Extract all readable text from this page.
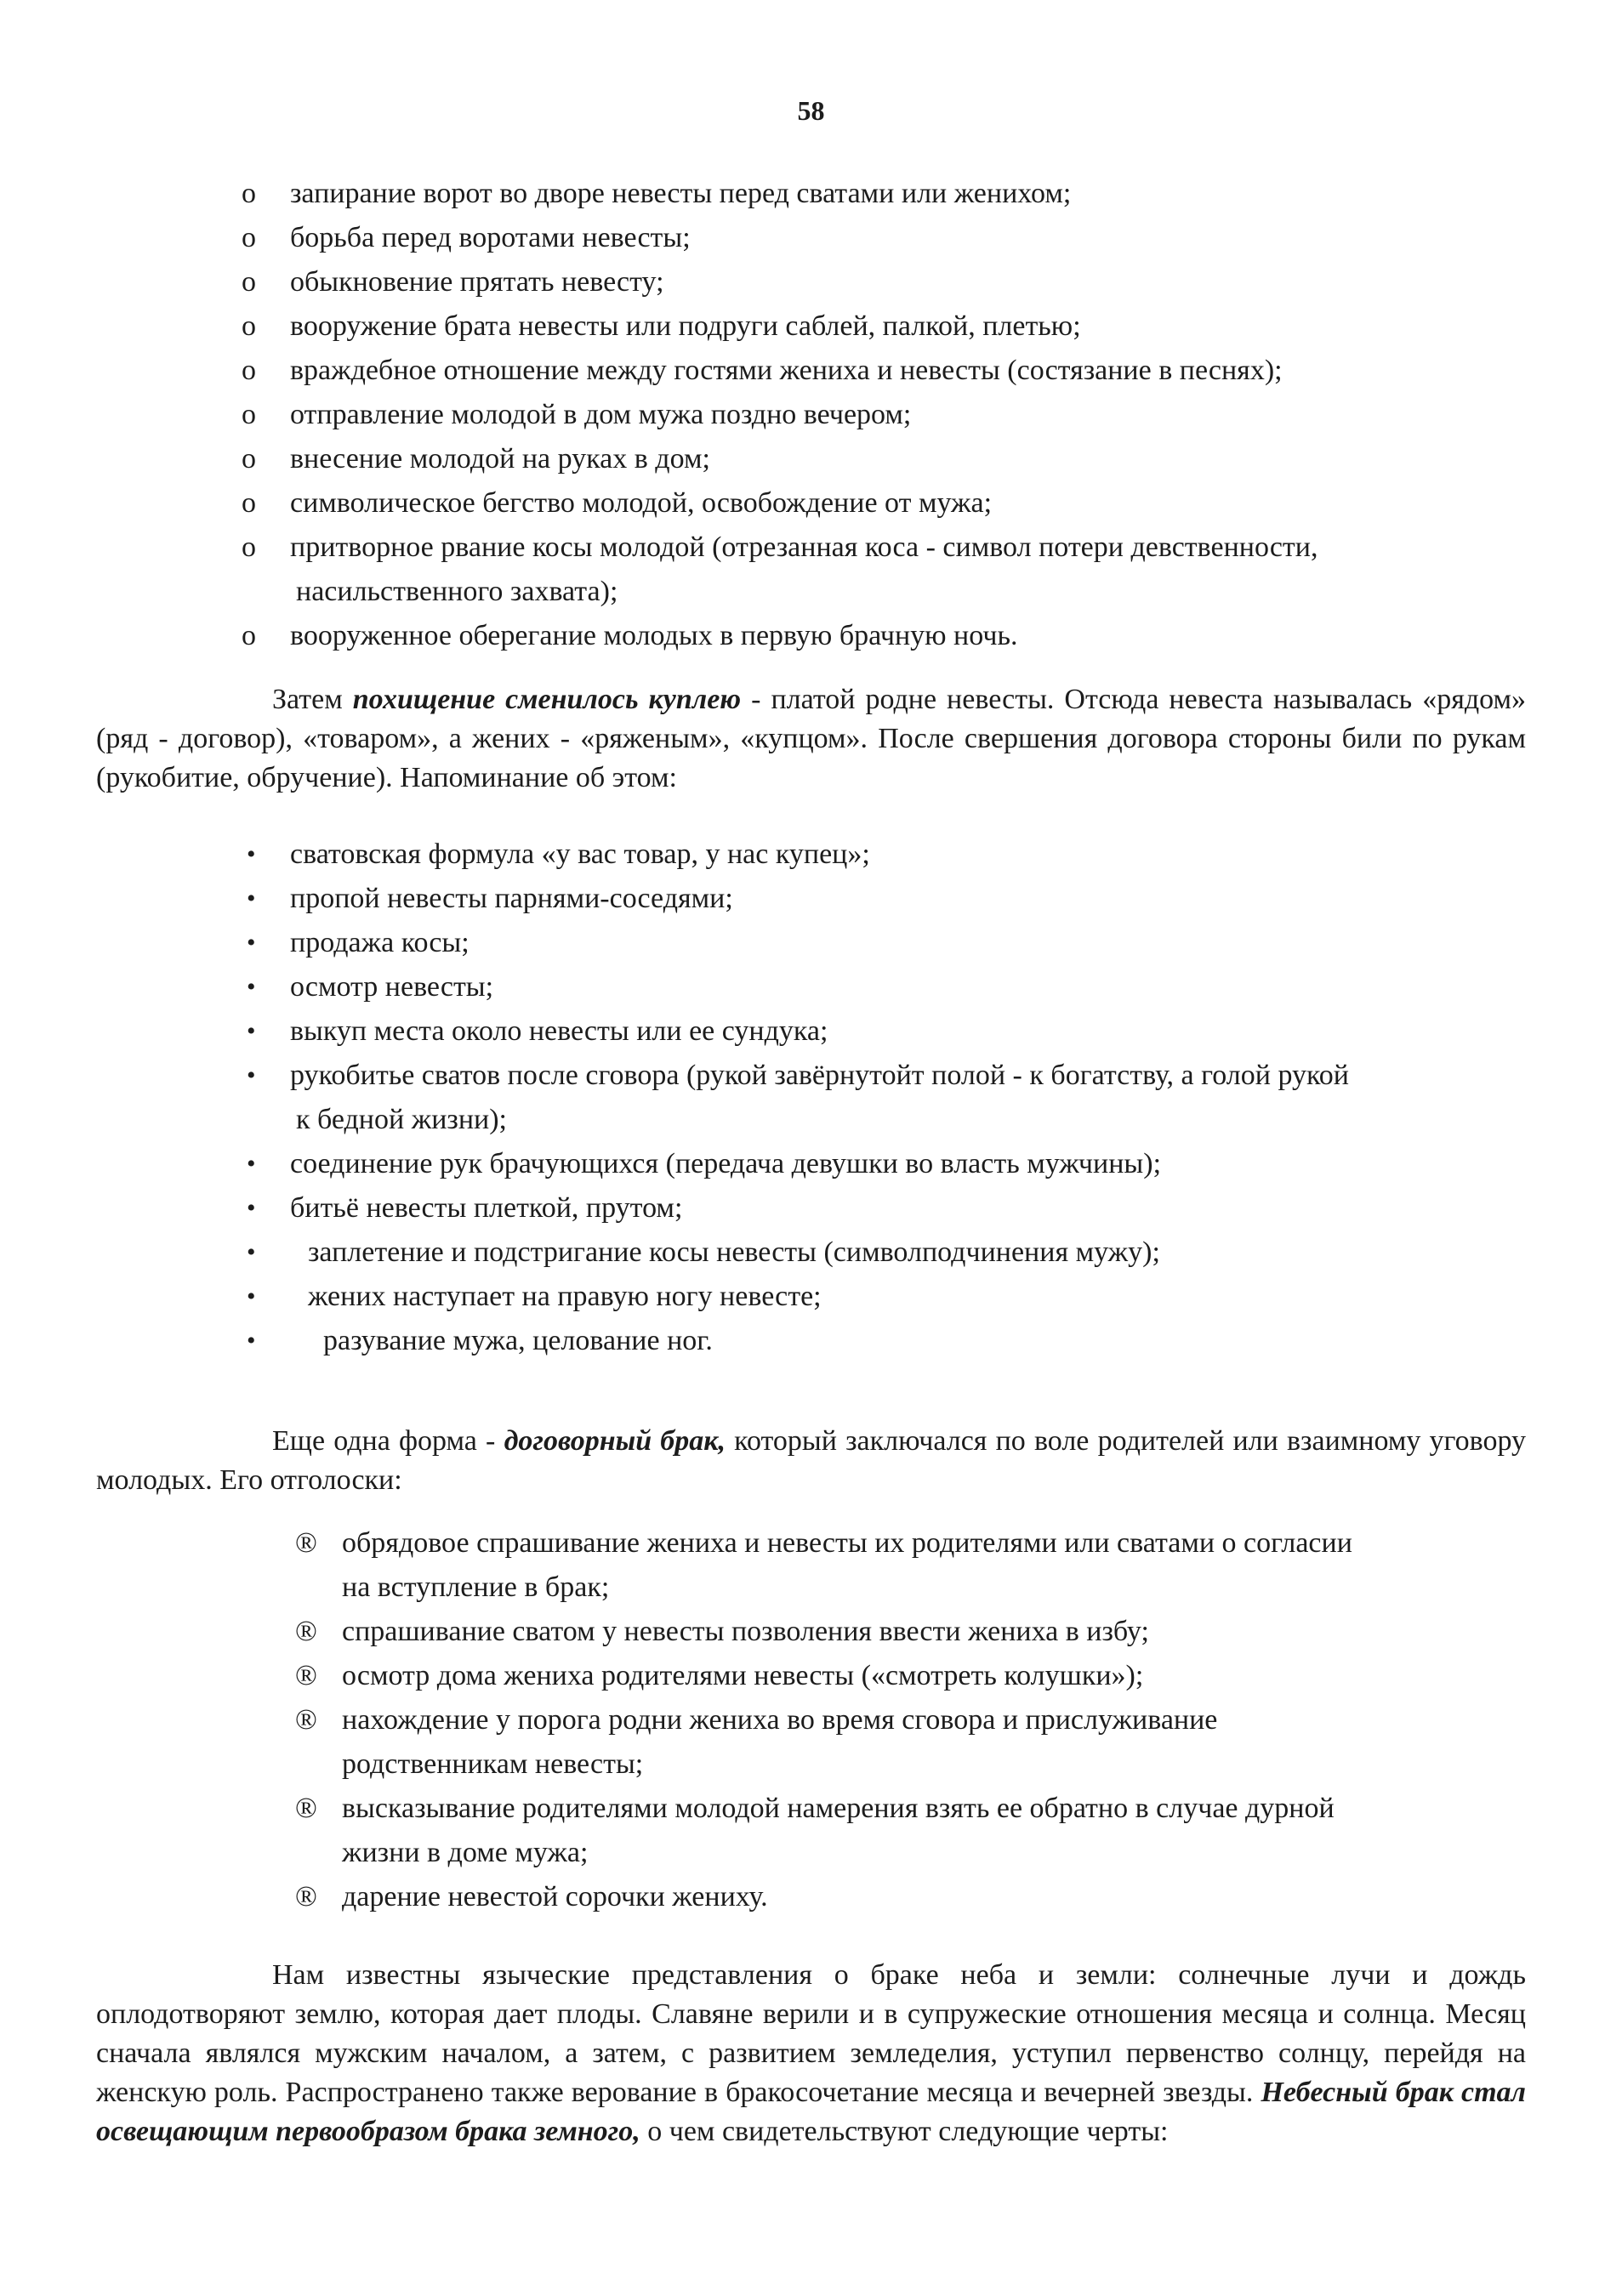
58
o	запирание ворот во дворе невесты перед сватами или женихом;
o	борьба перед воротами невесты;
o	обыкновение прятать невесту;
o	вооружение брата невесты или подруги саблей, палкой, плетью;
o	враждебное отношение между гостями жениха и невесты (состязание в песнях);
o	отправление молодой в дом мужа поздно вечером;
o	внесение молодой на руках в дом;
o	символическое бегство молодой, освобождение от мужа;
o	притворное рвание косы молодой (отрезанная коса - символ потери девственности,
насильственного захвата);
o	вооруженное оберегание молодых в первую брачную ночь.

Затем похищение сменилось куплею - платой родне невесты. Отсюда невеста называлась «рядом» (ряд - договор), «товаром», а жених - «ряженым», «купцом». После свершения договора стороны били по рукам (рукобитие, обручение). Напоминание об этом:

•	сватовская формула «у вас товар, у нас купец»;
•	пропой невесты парнями-соседями;
•	продажа косы;
•	осмотр невесты;
•	выкуп места около невесты или ее сундука;
•	рукобитье сватов после сговора (рукой завёрнутойт полой - к богатству, а голой рукой
к бедной жизни);
•	соединение рук брачующихся (передача девушки во власть мужчины);
•	битьё невесты плеткой, прутом;
•	заплетение и подстригание косы невесты (символподчинения мужу);
•	жених наступает на правую ногу невесте;
•	разувание мужа, целование ног.

Еще одна форма - договорный брак, который заключался по воле родителей или взаимному уговору молодых. Его отголоски:

® обрядовое спрашивание жениха и невесты их родителями или сватами о согласии
на вступление в брак;
® спрашивание сватом у невесты позволения ввести жениха в избу;
® осмотр дома жениха родителями невесты («смотреть колушки»);
® нахождение у порога родни жениха во время сговора и прислуживание
родственникам невесты;
® высказывание родителями молодой намерения взять ее обратно в случае дурной
жизни в доме мужа;
® дарение невестой сорочки жениху.

Нам известны языческие представления о браке неба и земли: солнечные лучи и дождь оплодотворяют землю, которая дает плоды. Славяне верили и в супружеские отношения месяца и солнца. Месяц сначала являлся мужским началом, а затем, с развитием земледелия, уступил первенство солнцу, перейдя на женскую роль. Распространено также верование в бракосочетание месяца и вечерней звезды. Небесный брак стал освещающим первообразом брака земного, о чем свидетельствуют следующие черты:
